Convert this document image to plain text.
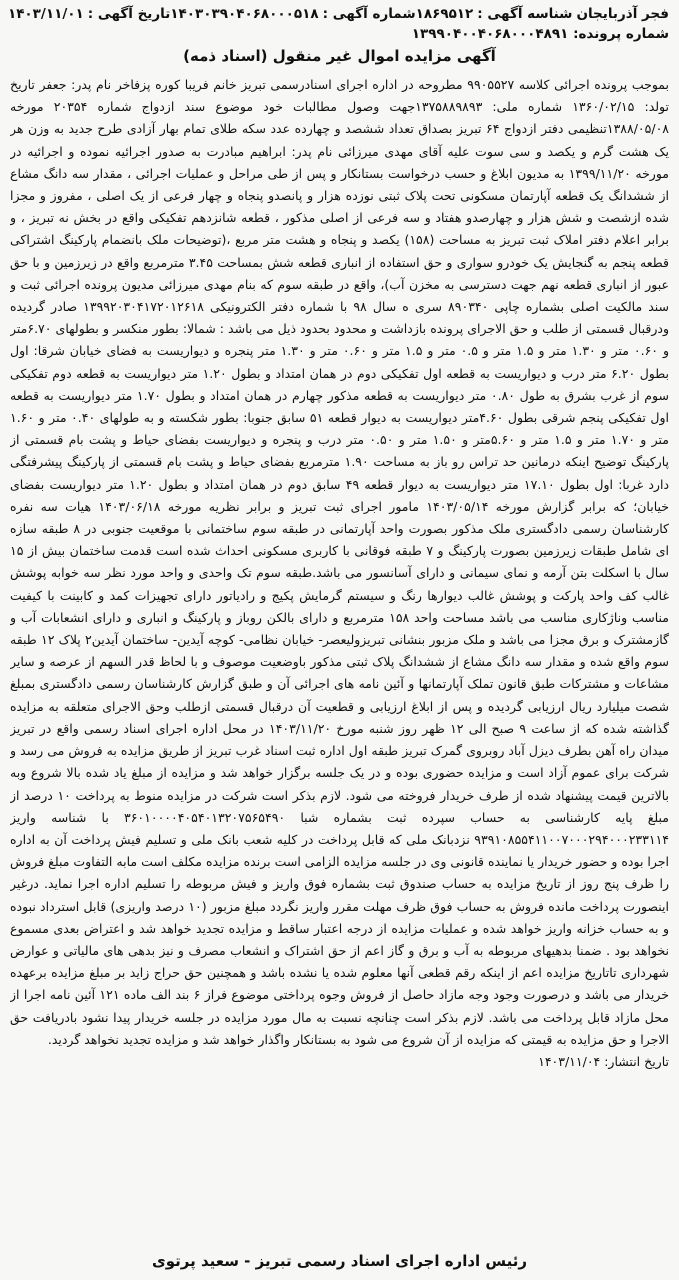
فجر آذربایجان
شناسه آگهی :
۱۸۶۹۵۱۲
شماره آگهی :
۱۴۰۳۰۳۹۰۴۰۶۸۰۰۰۵۱۸
تاریخ آگهی :
۱۴۰۳/۱۱/۰۱
شماره پرونده: ۱۳۹۹۰۴۰۰۴۰۶۸۰۰۰۴۸۹۱
آگهی مزایده اموال غیر منقول (اسناد ذمه)

بموجب پرونده اجرائی کلاسه ۹۹۰۵۵۲۷ مطروحه در اداره اجرای اسنادرسمی تبریز خانم فریبا کوره پزفاخر نام پدر: جعفر تاریخ تولد: ۱۳۶۰/۰۲/۱۵ شماره ملی: ۱۳۷۵۸۸۹۸۹۳جهت وصول مطالبات خود موضوع سند ازدواج شماره ۲۰۳۵۴ مورخه ۱۳۸۸/۰۵/۰۸تنظیمی دفتر ازدواج ۶۴ تبریز بصداق تعداد ششصد و چهارده عدد سکه طلای تمام بهار آزادی طرح جدید به وزن هر یک هشت گرم و یکصد و سی سوت علیه آقای مهدی میرزائی نام پدر: ابراهیم مبادرت به صدور اجرائیه نموده و اجرائیه در مورخه ۱۳۹۹/۱۱/۲۰ به مدیون ابلاغ و حسب درخواست بستانکار و پس از طی مراحل و عملیات اجرائی ، مقدار سه دانگ مشاع از ششدانگ یک قطعه آپارتمان مسکونی تحت پلاک ثبتی نوزده هزار و پانصدو پنجاه و چهار فرعی از یک اصلی ، مفروز و مجزا شده ازشصت و شش هزار و چهارصدو هفتاد و سه فرعی از اصلی مذکور ، قطعه شانزدهم تفکیکی واقع در بخش نه تبریز ، و برابر اعلام دفتر املاک ثبت تبریز به مساحت (۱۵۸) یکصد و پنجاه و هشت متر مربع ،(توضیحات ملک بانضمام پارکینگ اشتراکی قطعه پنجم به گنجایش یک خودرو سواری و حق استفاده از انباری قطعه شش بمساحت ۳.۴۵ مترمربع واقع در زیرزمین و با حق عبور از انباری قطعه نهم جهت دسترسی به مخزن آب)، واقع در طبقه سوم که بنام مهدی میرزائی مدیون پرونده اجرائی ثبت و سند مالکیت اصلی بشماره چاپی ۸۹۰۳۴۰ سری ه سال ۹۸ با شماره دفتر الکترونیکی ۱۳۹۹۲۰۳۰۴۱۷۲۰۱۲۶۱۸ صادر گردیده ودرقبال قسمتی از طلب و حق الاجرای پرونده بازداشت و محدود بحدود ذیل می باشد : شمالا: بطور منکسر و بطولهای ۶.۷۰متر و ۰.۶۰ متر و ۱.۳۰ متر و ۱.۵ متر و ۰.۵ متر و ۱.۵ متر و ۰.۶۰ متر و ۱.۳۰ متر پنجره و دیواریست به فضای خیابان شرقا: اول بطول ۶.۲۰ متر درب و دیواریست به قطعه اول تفکیکی دوم در همان امتداد و بطول ۱.۲۰ متر دیواریست به قطعه دوم تفکیکی سوم از غرب بشرق به طول ۰.۸۰ متر دیواریست به قطعه مذکور چهارم در همان امتداد و بطول ۱.۷۰ متر دیواریست به قطعه اول تفکیکی پنجم شرقی بطول ۴.۶۰متر دیواریست به دیوار قطعه ۵۱ سابق جنوبا: بطور شکسته و به طولهای ۰.۴۰ متر و ۱.۶۰ متر و ۱.۷۰ متر و ۱.۵ متر و ۵.۶۰متر و ۱.۵۰ متر و ۰.۵۰ متر درب و پنجره و دیواریست بفضای حیاط و پشت بام قسمتی از پارکینگ توضیح اینکه درمانین حد تراس رو باز به مساحت ۱.۹۰ مترمربع بفضای حیاط و پشت بام قسمتی از پارکینگ پیشرفتگی دارد غربا: اول بطول ۱۷.۱۰ متر دیواریست به دیوار قطعه ۴۹ سابق دوم در همان امتداد و بطول ۱.۲۰ متر دیواریست بفضای خیابان؛ که برابر گزارش مورخه ۱۴۰۳/۰۵/۱۴ مامور اجرای ثبت تبریز و برابر نظریه مورخه ۱۴۰۳/۰۶/۱۸ هیات سه نفره کارشناسان رسمی دادگستری ملک مذکور بصورت واحد آپارتمانی در طبقه سوم ساختمانی با موقعیت جنوبی در ۸ طبقه سازه ای شامل طبقات زیرزمین بصورت پارکینگ و ۷ طبقه فوقانی با کاربری مسکونی احداث شده است قدمت ساختمان بیش از ۱۵ سال با اسکلت بتن آرمه و نمای سیمانی و دارای آسانسور می باشد.طبقه سوم تک واحدی و واحد مورد نظر سه خوابه پوشش غالب کف واحد پارکت و پوشش غالب دیوارها رنگ و سیستم گرمایش پکیج و رادیاتور دارای تجهیزات کمد و کابینت با کیفیت مناسب وناژکاری مناسب می باشد مساحت واحد ۱۵۸ مترمربع و دارای بالکن روباز و پارکینگ و انباری و دارای انشعابات آب و گازمشترک و برق مجزا می باشد و ملک مزبور بنشانی تبریزولیعصر- خیابان نظامی- کوچه آیدین- ساختمان آیدین۲ پلاک ۱۲ طبقه سوم واقع شده و مقدار سه دانگ مشاع از ششدانگ پلاک ثبتی مذکور باوضعیت موصوف و با لحاظ قدر السهم از عرصه و سایر مشاعات و مشترکات طبق قانون تملک آپارتمانها و آئین نامه های اجرائی آن و طبق گزارش کارشناسان رسمی دادگستری بمبلغ شصت میلیارد ریال ارزیابی گردیده و پس از ابلاغ ارزیابی و قطعیت آن درقبال قسمتی ازطلب وحق الاجرای متعلقه به مزایده گذاشته شده که از ساعت ۹ صبح الی ۱۲ ظهر روز شنبه مورخ ۱۴۰۳/۱۱/۲۰ در محل اداره اجرای اسناد رسمی واقع در تبریز میدان راه آهن بطرف دیزل آباد روبروی گمرک تبریز طبقه اول اداره ثبت اسناد غرب تبریز از طریق مزایده به فروش می رسد و شرکت برای عموم آزاد است و مزایده حضوری بوده و در یک جلسه برگزار خواهد شد و مزایده از مبلغ یاد شده بالا شروع وبه بالاترین قیمت پیشنهاد شده از طرف خریدار فروخته می شود. لازم بذکر است شرکت در مزایده منوط به پرداخت ۱۰ درصد از مبلغ پایه کارشناسی به حساب سپرده ثبت بشماره شبا ۳۶۰۱۰۰۰۰۴۰۵۴۰۱۳۲۰۷۵۶۵۴۹۰ با شناسه واریز ۹۳۹۱۰۸۵۵۴۱۱۰۰۷۰۰۰۲۹۴۰۰۰۲۳۳۱۱۴ نزدبانک ملی که قابل پرداخت در کلیه شعب بانک ملی و تسلیم فیش پرداخت آن به اداره اجرا بوده و حضور خریدار یا نماینده قانونی وی در جلسه مزایده الزامی است برنده مزایده مکلف است مابه التفاوت مبلغ فروش را ظرف پنج روز از تاریخ مزایده به حساب صندوق ثبت بشماره فوق واریز و فیش مربوطه را تسلیم اداره اجرا نماید. درغیر اینصورت پرداخت مانده فروش به حساب فوق ظرف مهلت مقرر واریز نگردد مبلغ مزبور (۱۰ درصد واریزی) قابل استرداد نبوده و به حساب خزانه واریز خواهد شده و عملیات مزایده از درجه اعتبار ساقط و مزایده تجدید خواهد شد و اعتراض بعدی مسموع نخواهد بود . ضمنا بدهیهای مربوطه به آب و برق و گاز اعم از حق اشتراک و انشعاب مصرف و نیز بدهی های مالیاتی و عوارض شهرداری تاتاریخ مزایده اعم از اینکه رقم قطعی آنها معلوم شده یا نشده باشد و همچنین حق حراج زاید بر مبلغ مزایده برعهده خریدار می باشد و درصورت وجود وجه مازاد حاصل از فروش وجوه پرداختی موضوع فراز ۶ بند الف ماده ۱۲۱ آئین نامه اجرا از محل مازاد قابل پرداخت می باشد. لازم بذکر است چنانچه نسبت به مال مورد مزایده در جلسه خریدار پیدا نشود بادریافت حق الاجرا و حق مزایده به قیمتی که مزایده از آن شروع می شود به بستانکار واگذار خواهد شد و مزایده تجدید نخواهد گردید.
تاریخ انتشار: ۱۴۰۳/۱۱/۰۴

رئیس اداره اجرای اسناد رسمی تبریز - سعید پرتوی
